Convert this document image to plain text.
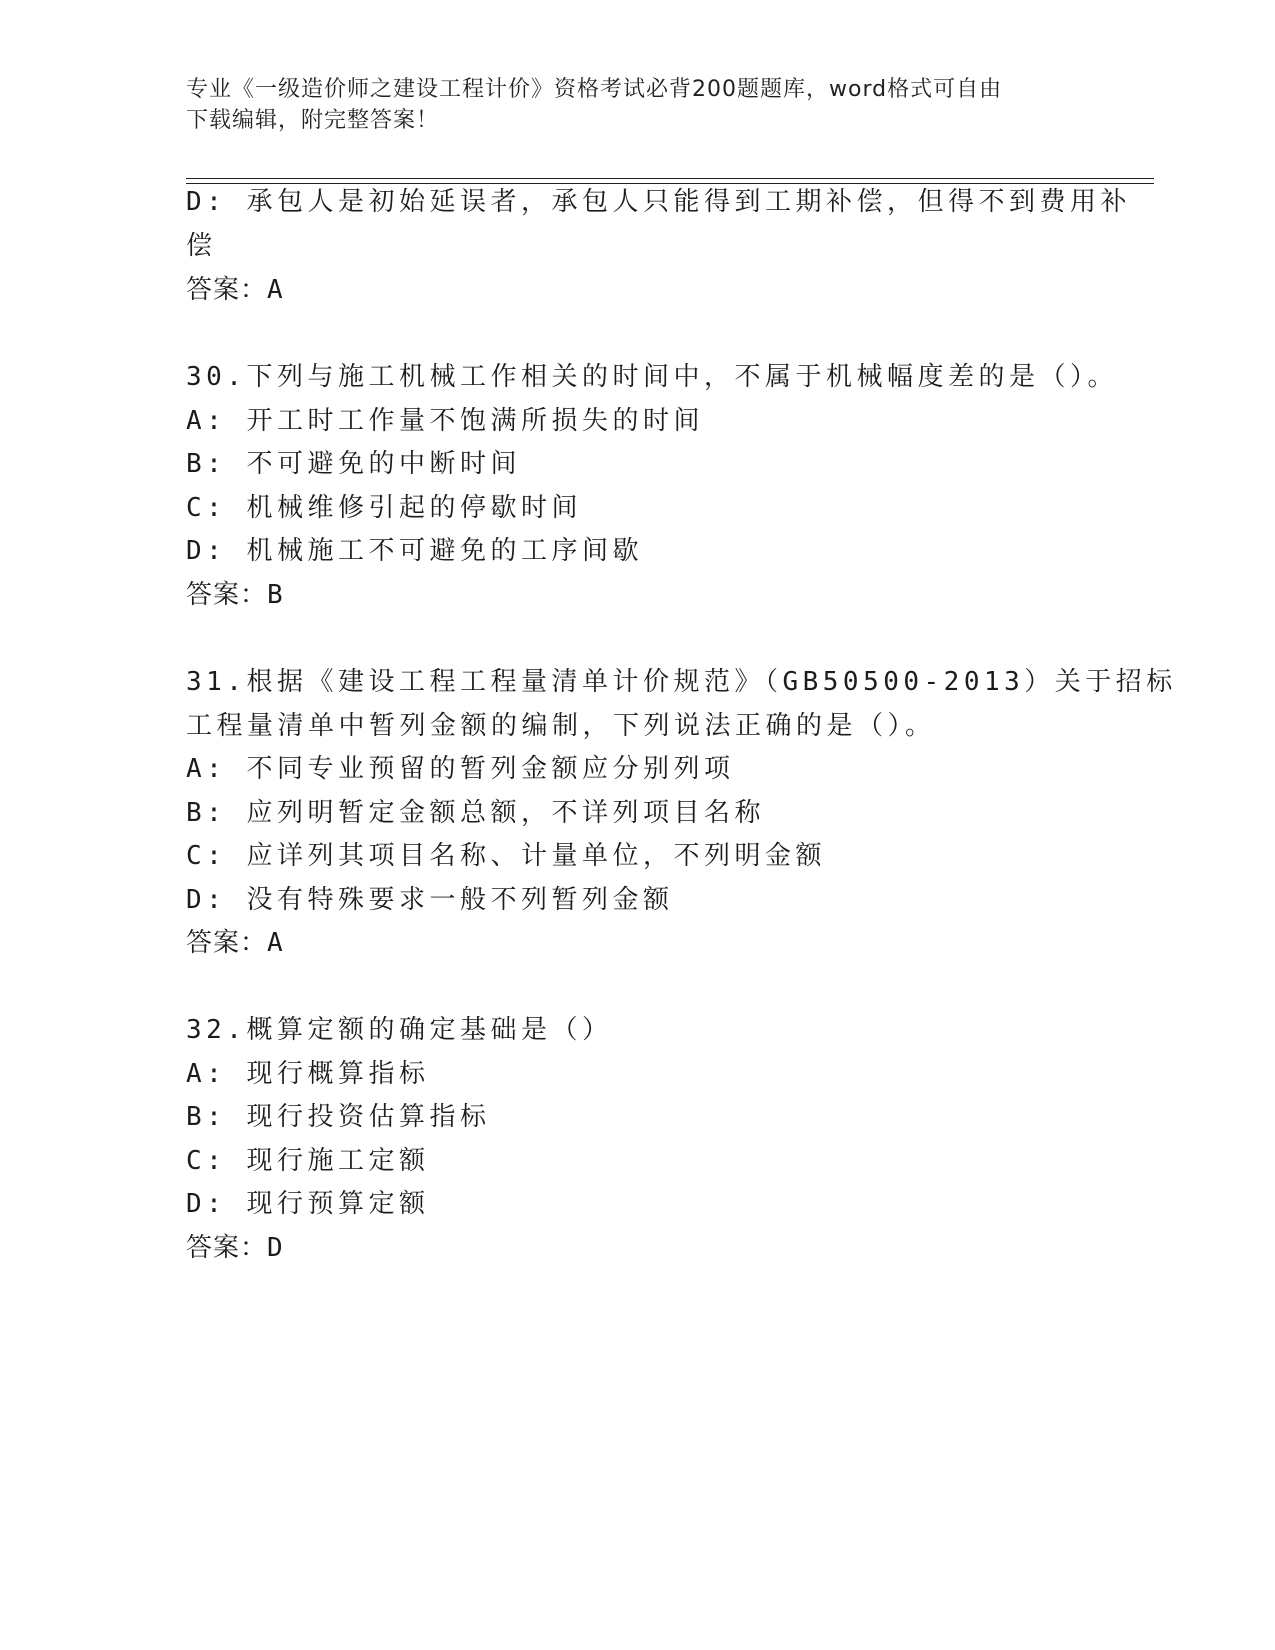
专业《一级造价师之建设工程计价》资格考试必背200题题库，word格式可自由
下载编辑，附完整答案！
D: 承包人是初始延误者，承包人只能得到工期补偿，但得不到费用补
偿
答案：A
30.下列与施工机械工作相关的时间中，不属于机械幅度差的是（）。
A: 开工时工作量不饱满所损失的时间
B: 不可避免的中断时间
C: 机械维修引起的停歇时间
D: 机械施工不可避免的工序间歇
答案：B
31.根据《建设工程工程量清单计价规范》（GB50500-2013）关于招标
工程量清单中暂列金额的编制，下列说法正确的是（）。
A: 不同专业预留的暂列金额应分别列项
B: 应列明暂定金额总额，不详列项目名称
C: 应详列其项目名称、计量单位，不列明金额
D: 没有特殊要求一般不列暂列金额
答案：A
32.概算定额的确定基础是（）
A: 现行概算指标
B: 现行投资估算指标
C: 现行施工定额
D: 现行预算定额
答案：D
